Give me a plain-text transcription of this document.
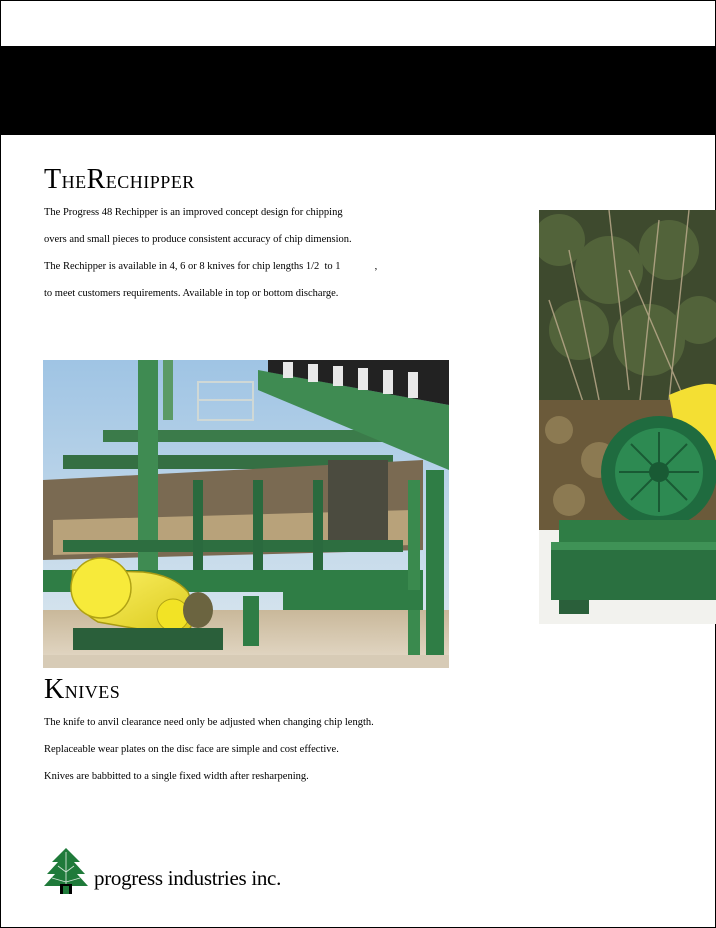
THERECHIPPER
The Progress 48 Rechipper is an improved concept design for chipping
overs and small pieces to produce consistent accuracy of chip dimension.
The Rechipper is available in 4, 6 or 8 knives for chip lengths 1/2  to 1             ,
to meet customers requirements. Available in top or bottom discharge.
KNIVES
The knife to anvil clearance need only be adjusted when changing chip length.
Replaceable wear plates on the disc face are simple and cost effective.
Knives are babbitted to a single fixed width after resharpening.
progress industries inc.
